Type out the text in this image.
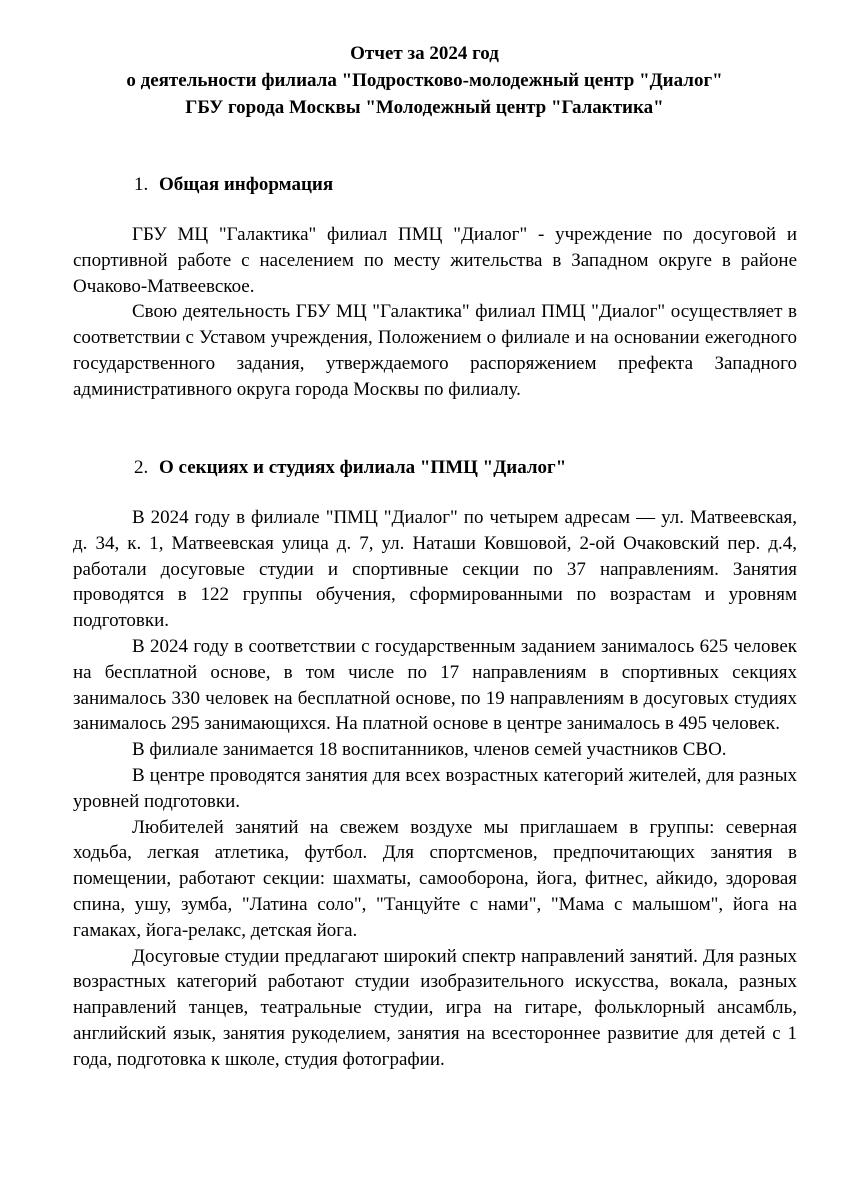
Отчет за 2024 год
о деятельности филиала "Подростково-молодежный центр "Диалог"
ГБУ города Москвы "Молодежный центр "Галактика"
1. Общая информация

ГБУ МЦ "Галактика" филиал ПМЦ "Диалог" - учреждение по досуговой и спортивной работе с населением по месту жительства в Западном округе в районе Очаково-Матвеевское.

Свою деятельность ГБУ МЦ "Галактика" филиал ПМЦ "Диалог" осуществляет в соответствии с Уставом учреждения, Положением о филиале и на основании ежегодного государственного задания, утверждаемого распоряжением префекта Западного административного округа города Москвы по филиалу.

2. О секциях и студиях филиала "ПМЦ "Диалог"

В 2024 году в филиале "ПМЦ "Диалог" по четырем адресам — ул. Матвеевская, д. 34, к. 1, Матвеевская улица д. 7, ул. Наташи Ковшовой, 2-ой Очаковский пер. д.4, работали досуговые студии и спортивные секции по 37 направлениям. Занятия проводятся в 122 группы обучения, сформированными по возрастам и уровням подготовки.

В 2024 году в соответствии с государственным заданием занималось 625 человек на бесплатной основе, в том числе по 17 направлениям в спортивных секциях занималось 330 человек на бесплатной основе, по 19 направлениям в досуговых студиях занималось 295 занимающихся. На платной основе в центре занималось в 495 человек.

В филиале занимается 18 воспитанников, членов семей участников СВО.

В центре проводятся занятия для всех возрастных категорий жителей, для разных уровней подготовки.

Любителей занятий на свежем воздухе мы приглашаем в группы: северная ходьба, легкая атлетика, футбол. Для спортсменов, предпочитающих занятия в помещении, работают секции: шахматы, самооборона, йога, фитнес, айкидо, здоровая спина, ушу, зумба, "Латина соло", "Танцуйте с нами", "Мама с малышом", йога на гамаках, йога-релакс, детская йога.

Досуговые студии предлагают широкий спектр направлений занятий. Для разных возрастных категорий работают студии изобразительного искусства, вокала, разных направлений танцев, театральные студии, игра на гитаре, фольклорный ансамбль, английский язык, занятия рукоделием, занятия на всестороннее развитие для детей с 1 года, подготовка к школе, студия фотографии.
